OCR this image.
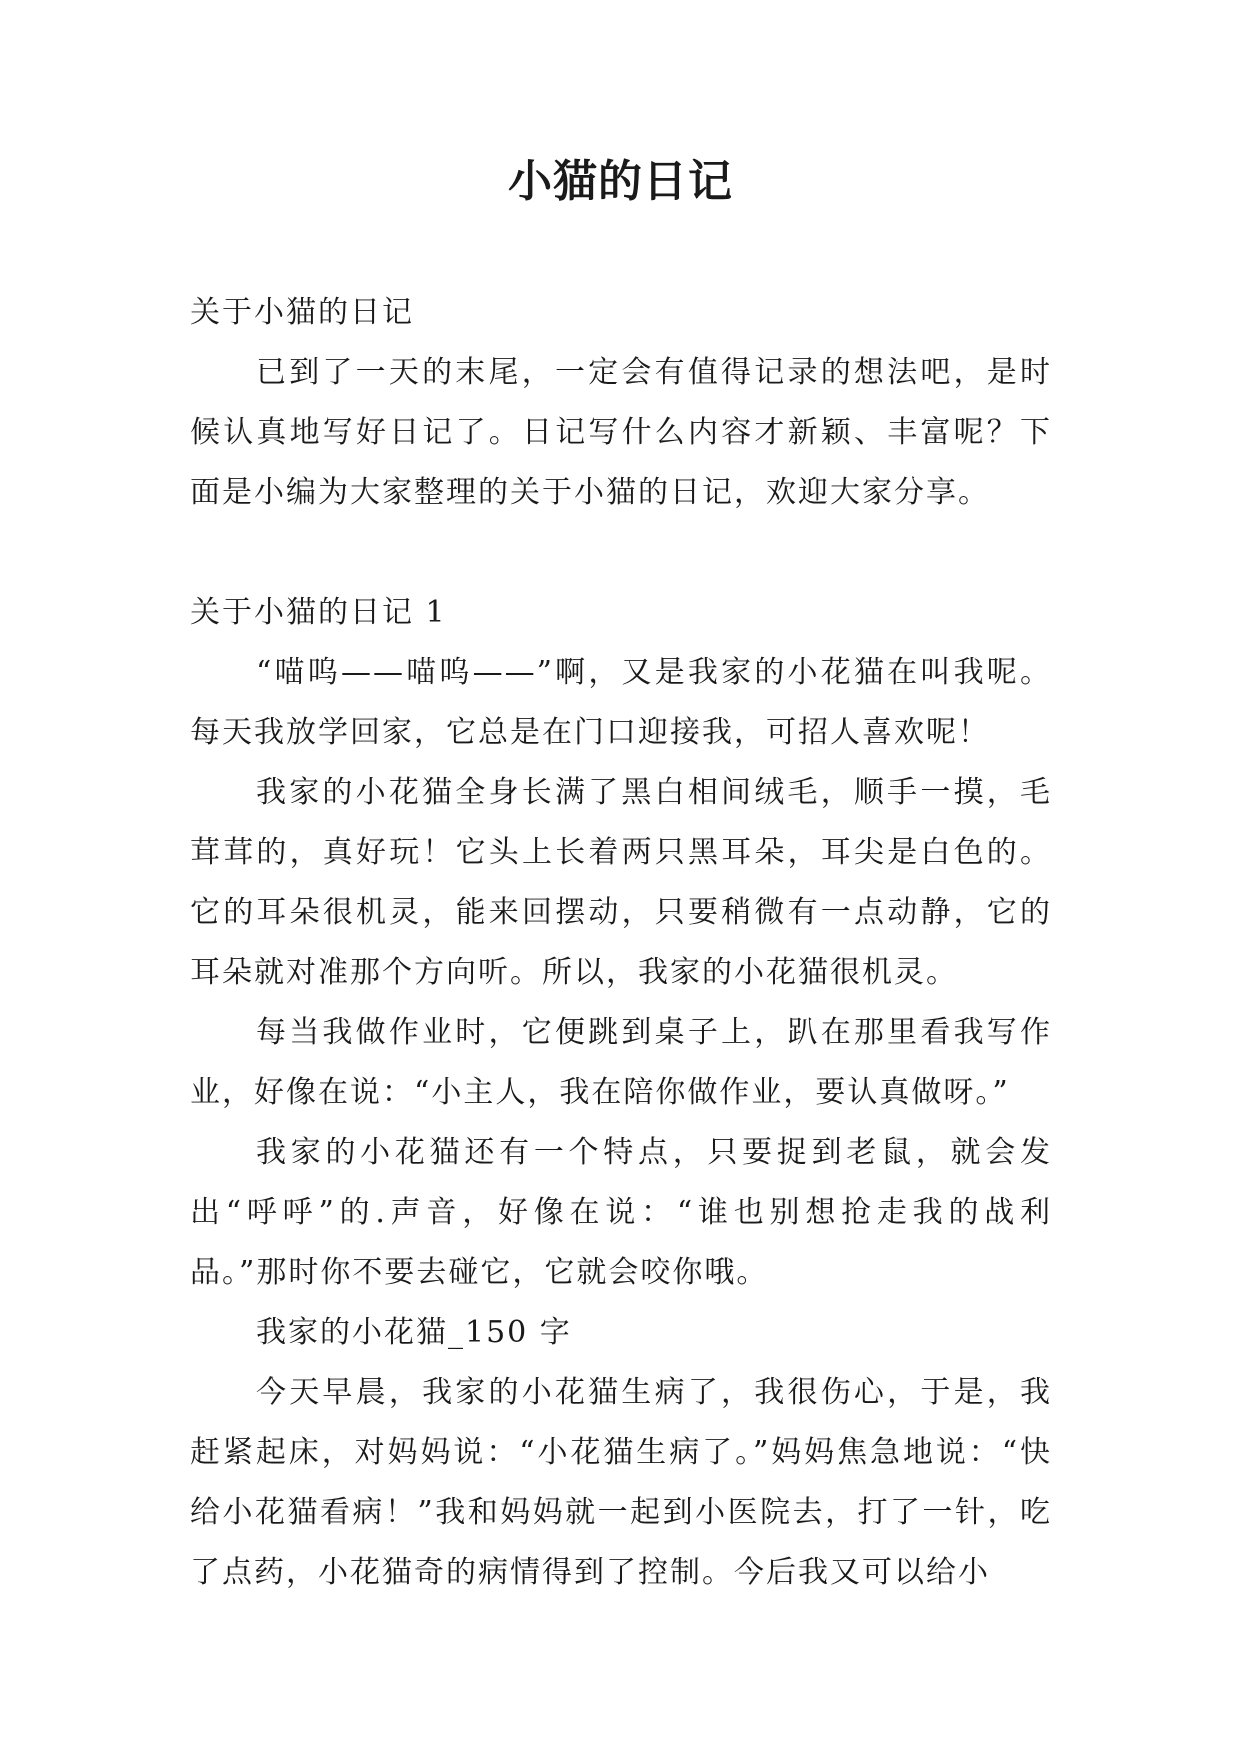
小猫的日记

关于小猫的日记

已到了一天的末尾，一定会有值得记录的想法吧，是时候认真地写好日记了。日记写什么内容才新颖、丰富呢？下面是小编为大家整理的关于小猫的日记，欢迎大家分享。

关于小猫的日记 1

“喵呜——喵呜——”啊，又是我家的小花猫在叫我呢。每天我放学回家，它总是在门口迎接我，可招人喜欢呢！

我家的小花猫全身长满了黑白相间绒毛，顺手一摸，毛茸茸的，真好玩！它头上长着两只黑耳朵，耳尖是白色的。它的耳朵很机灵，能来回摆动，只要稍微有一点动静，它的耳朵就对准那个方向听。所以，我家的小花猫很机灵。

每当我做作业时，它便跳到桌子上，趴在那里看我写作业，好像在说：“小主人，我在陪你做作业，要认真做呀。”

我家的小花猫还有一个特点，只要捉到老鼠，就会发出“呼呼”的.声音，好像在说：“谁也别想抢走我的战利品。”那时你不要去碰它，它就会咬你哦。

我家的小花猫_150 字

今天早晨，我家的小花猫生病了，我很伤心，于是，我赶紧起床，对妈妈说：“小花猫生病了。”妈妈焦急地说：“快给小花猫看病！”我和妈妈就一起到小医院去，打了一针，吃了点药，小花猫奇的病情得到了控制。今后我又可以给小
